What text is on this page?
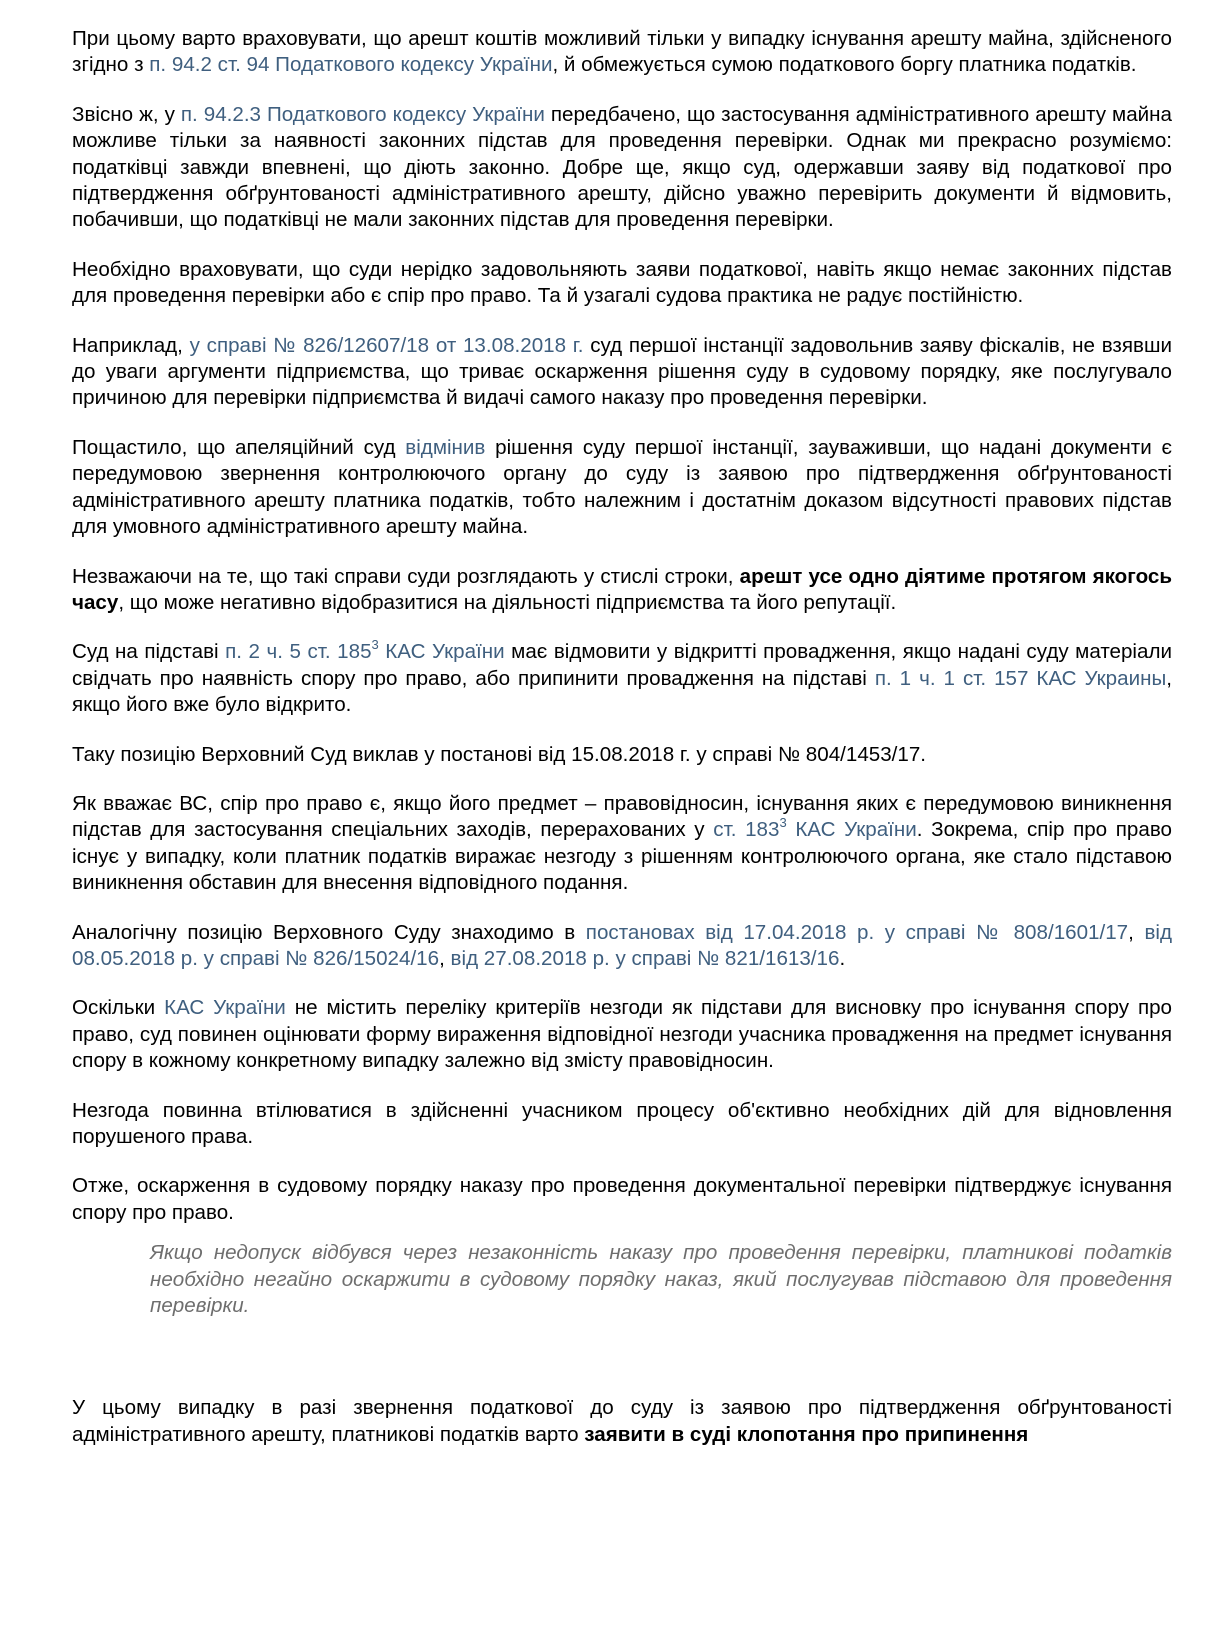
При цьому варто враховувати, що арешт коштів можливий тільки у випадку існування арешту майна, здійсненого згідно з п. 94.2 ст. 94 Податкового кодексу України, й обмежується сумою податкового боргу платника податків.

Звісно ж, у п. 94.2.3 Податкового кодексу України передбачено, що застосування адміністративного арешту майна можливе тільки за наявності законних підстав для проведення перевірки. Однак ми прекрасно розуміємо: податківці завжди впевнені, що діють законно. Добре ще, якщо суд, одержавши заяву від податкової про підтвердження обґрунтованості адміністративного арешту, дійсно уважно перевірить документи й відмовить, побачивши, що податківці не мали законних підстав для проведення перевірки.

Необхідно враховувати, що суди нерідко задовольняють заяви податкової, навіть якщо немає законних підстав для проведення перевірки або є спір про право. Та й узагалі судова практика не радує постійністю.

Наприклад, у справі № 826/12607/18 от 13.08.2018 г. суд першої інстанції задовольнив заяву фіскалів, не взявши до уваги аргументи підприємства, що триває оскарження рішення суду в судовому порядку, яке послугувало причиною для перевірки підприємства й видачі самого наказу про проведення перевірки.

Пощастило, що апеляційний суд відмінив рішення суду першої інстанції, зауваживши, що надані документи є передумовою звернення контролюючого органу до суду із заявою про підтвердження обґрунтованості адміністративного арешту платника податків, тобто належним і достатнім доказом відсутності правових підстав для умовного адміністративного арешту майна.

Незважаючи на те, що такі справи суди розглядають у стислі строки, арешт усе одно діятиме протягом якогось часу, що може негативно відобразитися на діяльності підприємства та його репутації.

Суд на підставі п. 2 ч. 5 ст. $185^3$ КАС України має відмовити у відкритті провадження, якщо надані суду матеріали свідчать про наявність спору про право, або припинити провадження на підставі п. 1 ч. 1 ст. 157 КАС Украины, якщо його вже було відкрито.

Таку позицію Верховний Суд виклав у постанові від 15.08.2018 г. у справі № 804/1453/17.

Як вважає ВС, спір про право є, якщо його предмет – правовідносин, існування яких є передумовою виникнення підстав для застосування спеціальних заходів, перерахованих у ст. $183^3$ КАС України. Зокрема, спір про право існує у випадку, коли платник податків виражає незгоду з рішенням контролюючого органа, яке стало підставою виникнення обставин для внесення відповідного подання.

Аналогічну позицію Верховного Суду знаходимо в постановах від 17.04.2018 р. у справі № 808/1601/17, від 08.05.2018 р. у справі № 826/15024/16, від 27.08.2018 р. у справі № 821/1613/16.

Оскільки КАС України не містить переліку критеріїв незгоди як підстави для висновку про існування спору про право, суд повинен оцінювати форму вираження відповідної незгоди учасника провадження на предмет існування спору в кожному конкретному випадку залежно від змісту правовідносин.

Незгода повинна втілюватися в здійсненні учасником процесу об'єктивно необхідних дій для відновлення порушеного права.

Отже, оскарження в судовому порядку наказу про проведення документальної перевірки підтверджує існування спору про право.

Якщо недопуск відбувся через незаконність наказу про проведення перевірки, платникові податків необхідно негайно оскаржити в судовому порядку наказ, який послугував підставою для проведення перевірки.

У цьому випадку в разі звернення податкової до суду із заявою про підтвердження обґрунтованості адміністративного арешту, платникові податків варто заявити в суді клопотання про припинення
